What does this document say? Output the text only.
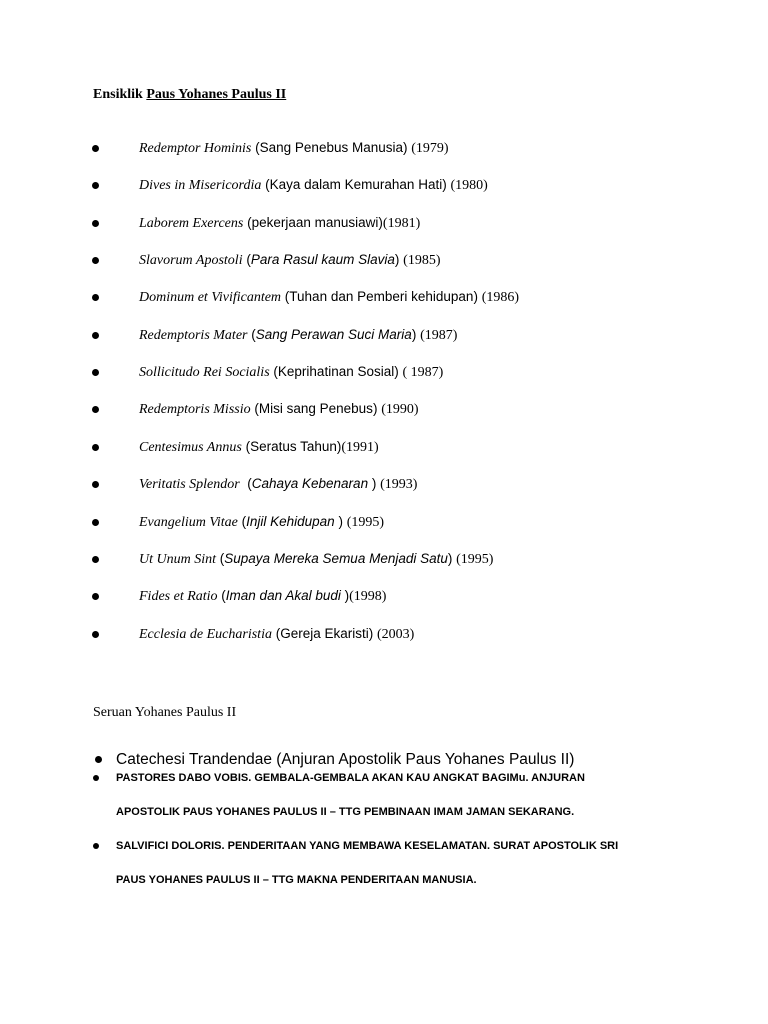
Ensiklik Paus Yohanes Paulus II
Redemptor Hominis (Sang Penebus Manusia) (1979)
Dives in Misericordia (Kaya dalam Kemurahan Hati) (1980)
Laborem Exercens (pekerjaan manusiawi)(1981)
Slavorum Apostoli (Para Rasul kaum Slavia) (1985)
Dominum et Vivificantem (Tuhan dan Pemberi kehidupan) (1986)
Redemptoris Mater (Sang Perawan Suci Maria) (1987)
Sollicitudo Rei Socialis (Keprihatinan Sosial) ( 1987)
Redemptoris Missio (Misi sang Penebus) (1990)
Centesimus Annus (Seratus Tahun)(1991)
Veritatis Splendor  (Cahaya Kebenaran ) (1993)
Evangelium Vitae (Injil Kehidupan ) (1995)
Ut Unum Sint (Supaya Mereka Semua Menjadi Satu) (1995)
Fides et Ratio (Iman dan Akal budi )(1998)
Ecclesia de Eucharistia (Gereja Ekaristi) (2003)
Seruan Yohanes Paulus II
Catechesi Trandendae (Anjuran Apostolik Paus Yohanes Paulus II)
PASTORES DABO VOBIS. GEMBALA-GEMBALA AKAN KAU ANGKAT BAGIMu. ANJURAN
APOSTOLIK PAUS YOHANES PAULUS II – TTG PEMBINAAN IMAM JAMAN SEKARANG.
SALVIFICI DOLORIS. PENDERITAAN YANG MEMBAWA KESELAMATAN. SURAT APOSTOLIK SRI
PAUS YOHANES PAULUS II – TTG MAKNA PENDERITAAN MANUSIA.
